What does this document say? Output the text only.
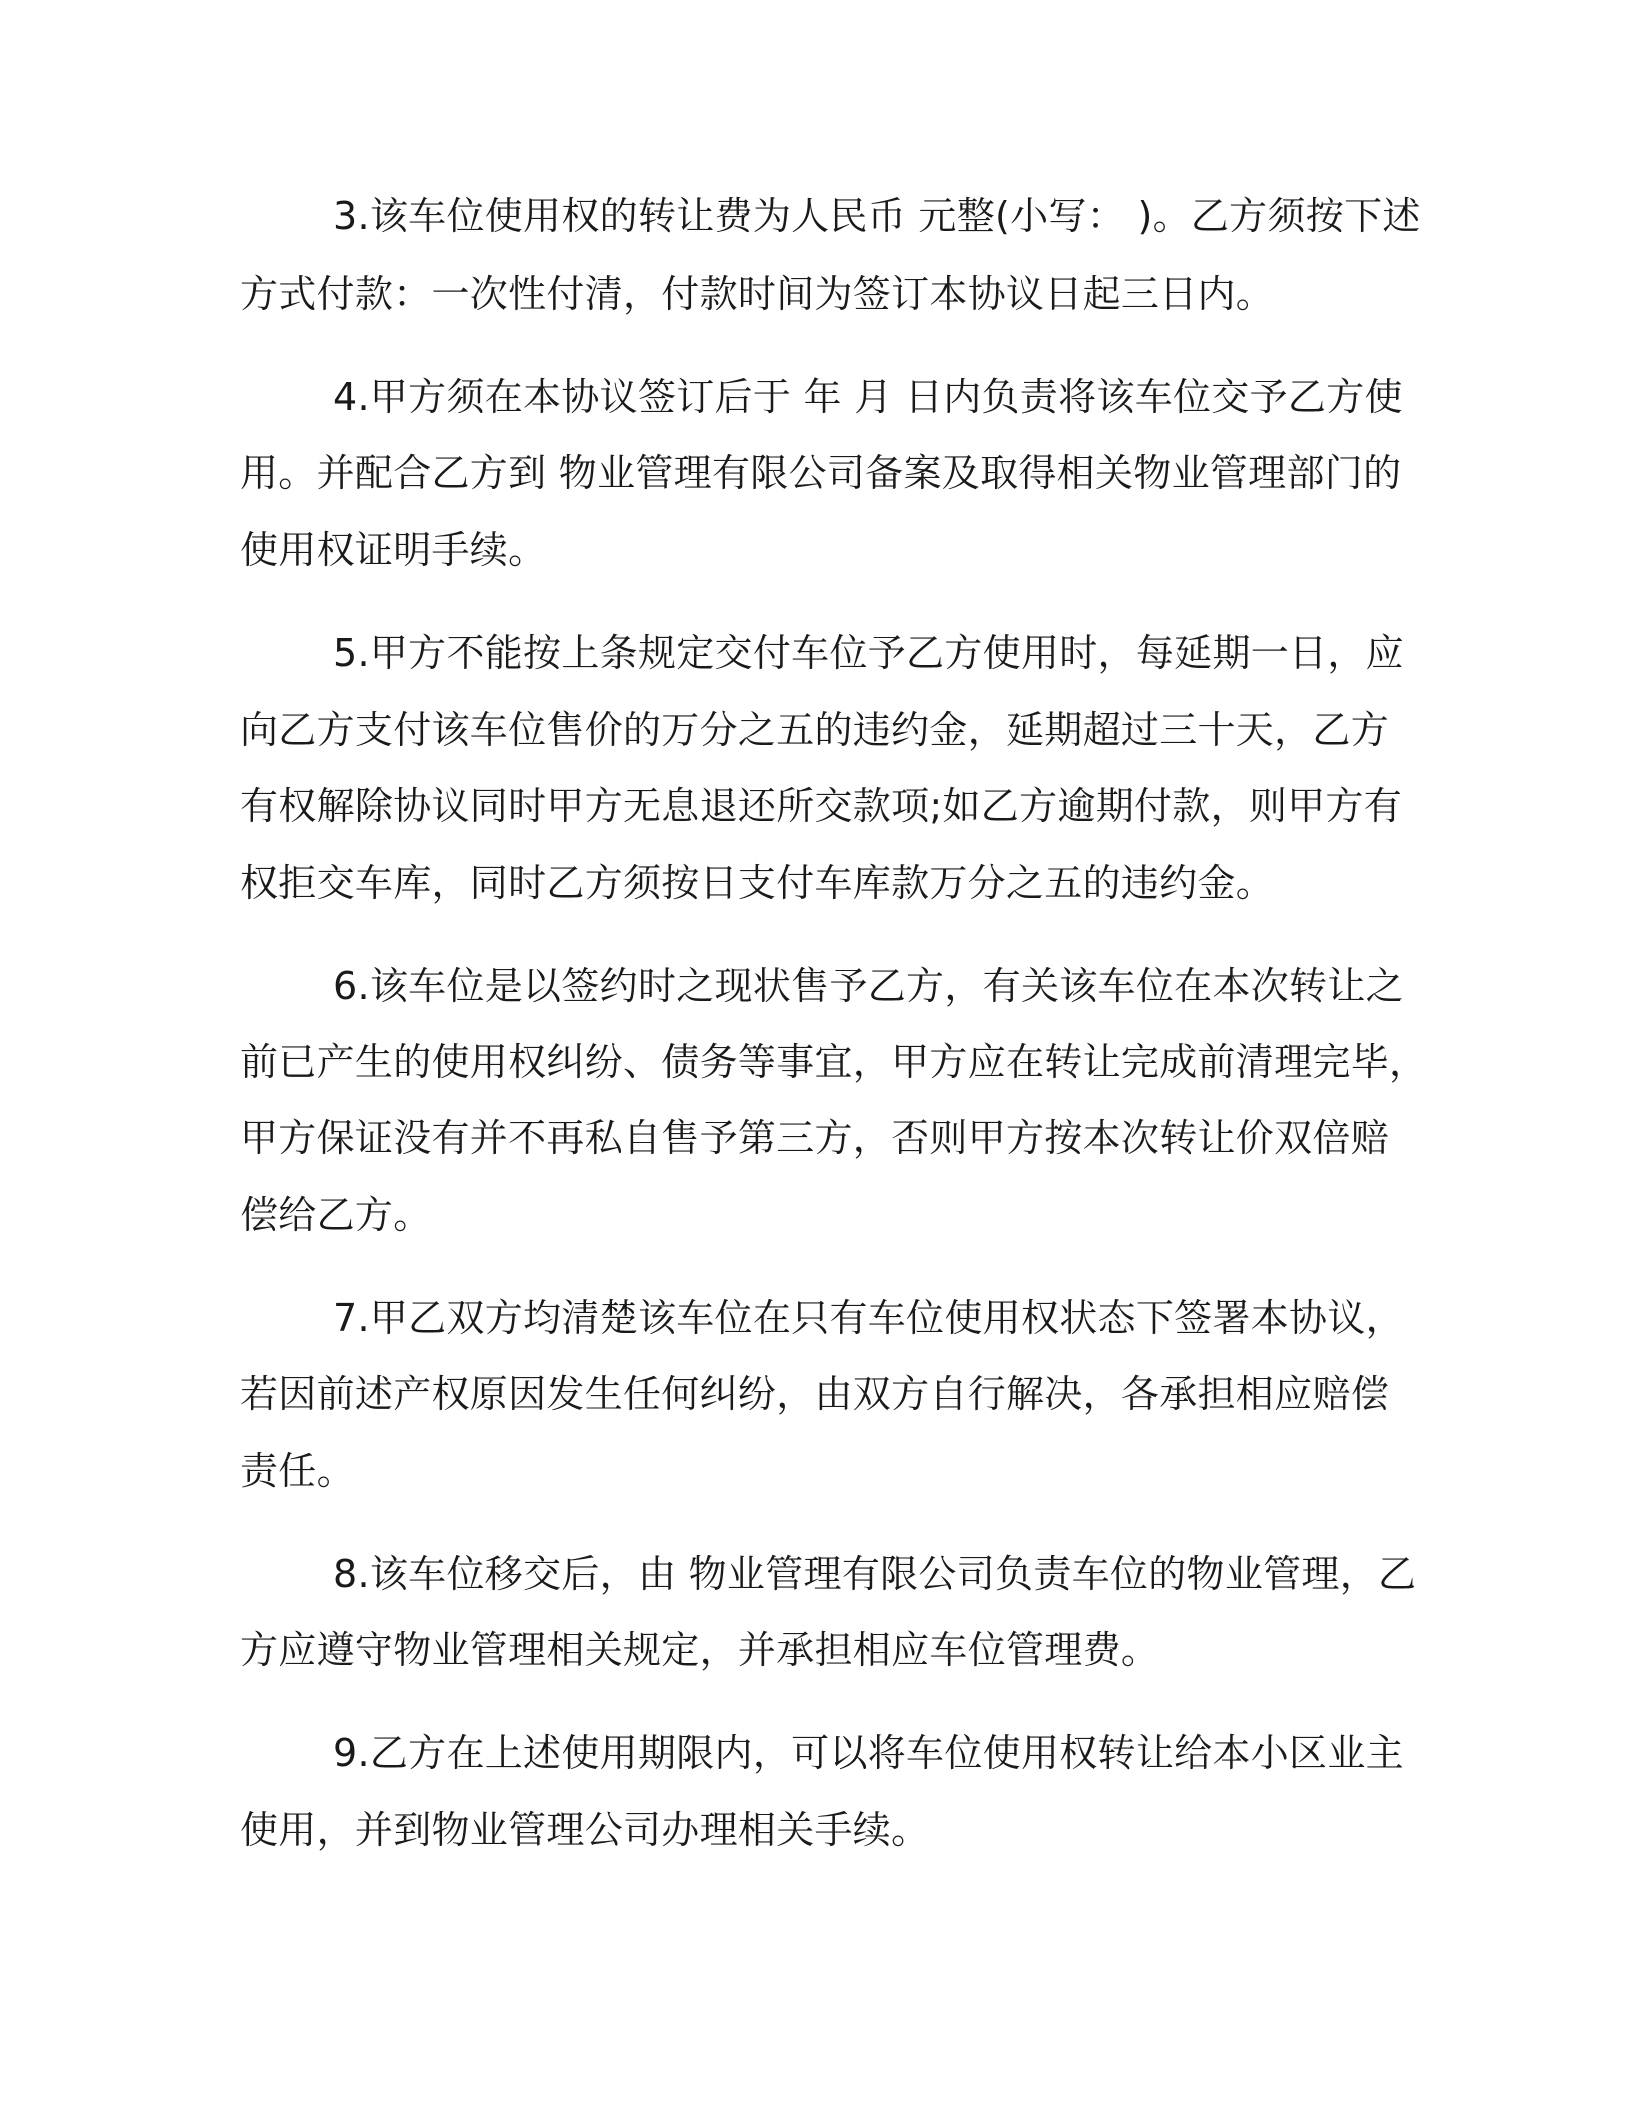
3.该车位使用权的转让费为人民币 元整(小写： )。乙方须按下述
方式付款：一次性付清，付款时间为签订本协议日起三日内。
4.甲方须在本协议签订后于 年 月 日内负责将该车位交予乙方使
用。并配合乙方到 物业管理有限公司备案及取得相关物业管理部门的
使用权证明手续。
5.甲方不能按上条规定交付车位予乙方使用时，每延期一日，应
向乙方支付该车位售价的万分之五的违约金，延期超过三十天，乙方
有权解除协议同时甲方无息退还所交款项;如乙方逾期付款，则甲方有
权拒交车库，同时乙方须按日支付车库款万分之五的违约金。
6.该车位是以签约时之现状售予乙方，有关该车位在本次转让之
前已产生的使用权纠纷、债务等事宜，甲方应在转让完成前清理完毕，
甲方保证没有并不再私自售予第三方，否则甲方按本次转让价双倍赔
偿给乙方。
7.甲乙双方均清楚该车位在只有车位使用权状态下签署本协议，
若因前述产权原因发生任何纠纷，由双方自行解决，各承担相应赔偿
责任。
8.该车位移交后，由 物业管理有限公司负责车位的物业管理，乙
方应遵守物业管理相关规定，并承担相应车位管理费。
9.乙方在上述使用期限内，可以将车位使用权转让给本小区业主
使用，并到物业管理公司办理相关手续。
